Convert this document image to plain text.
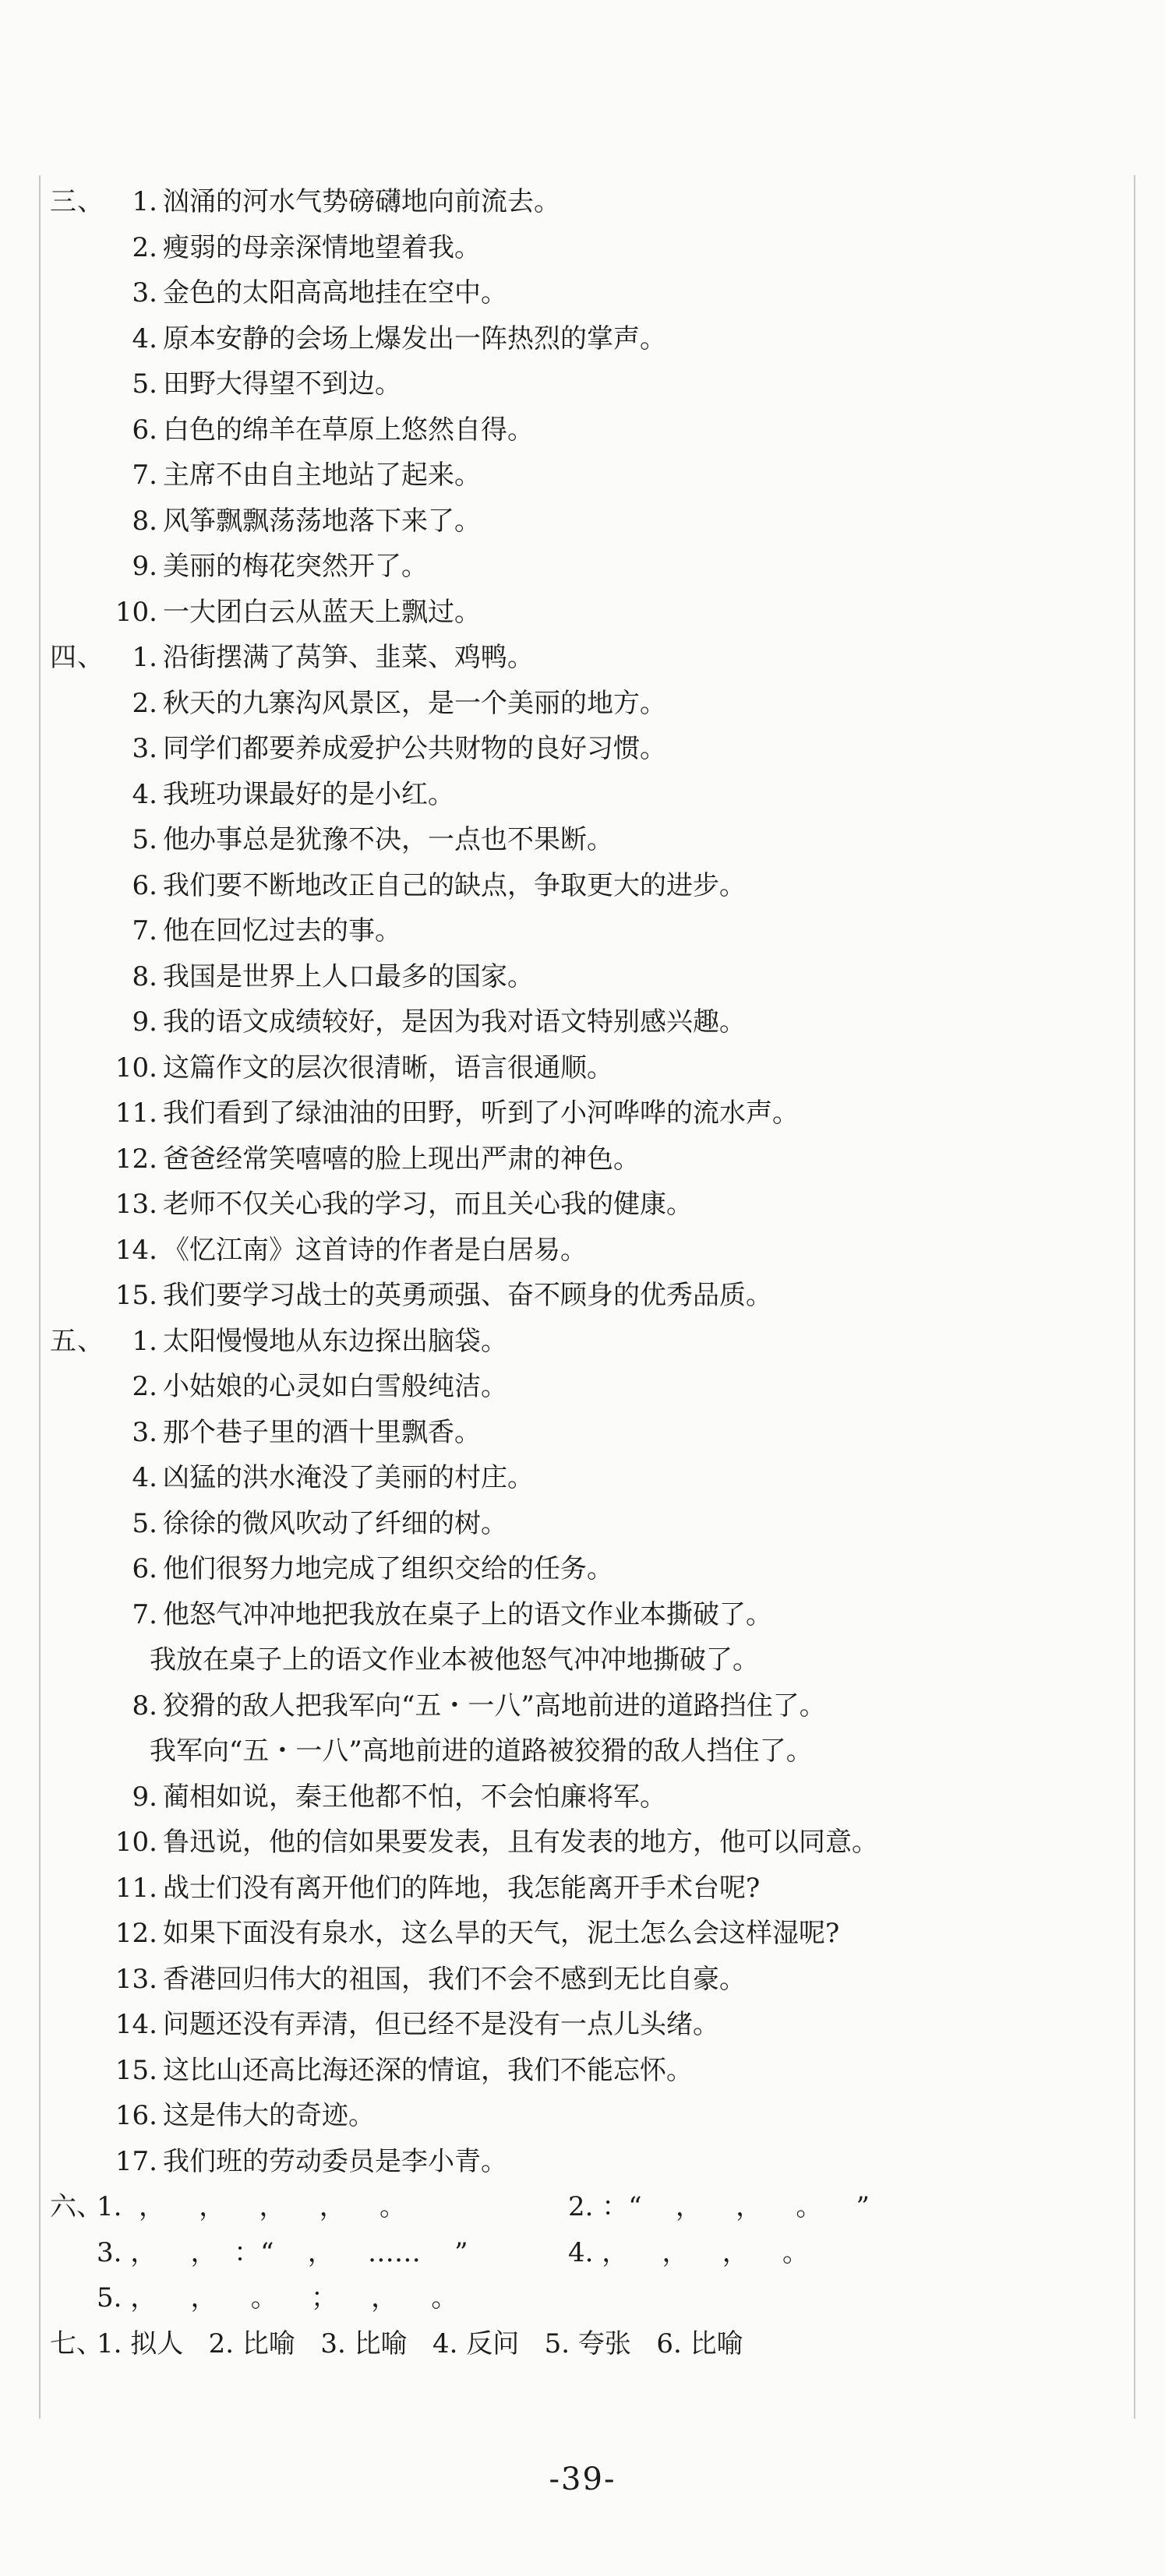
三、	1. 汹涌的河水气势磅礴地向前流去。
2. 瘦弱的母亲深情地望着我。
3. 金色的太阳高高地挂在空中。
4. 原本安静的会场上爆发出一阵热烈的掌声。
5. 田野大得望不到边。
6. 白色的绵羊在草原上悠然自得。
7. 主席不由自主地站了起来。
8. 风筝飘飘荡荡地落下来了。
9. 美丽的梅花突然开了。
10. 一大团白云从蓝天上飘过。
四、	1. 沿街摆满了莴笋、韭菜、鸡鸭。
2. 秋天的九寨沟风景区，是一个美丽的地方。
3. 同学们都要养成爱护公共财物的良好习惯。
4. 我班功课最好的是小红。
5. 他办事总是犹豫不决，一点也不果断。
6. 我们要不断地改正自己的缺点，争取更大的进步。
7. 他在回忆过去的事。
8. 我国是世界上人口最多的国家。
9. 我的语文成绩较好，是因为我对语文特别感兴趣。
10. 这篇作文的层次很清晰，语言很通顺。
11. 我们看到了绿油油的田野，听到了小河哗哗的流水声。
12. 爸爸经常笑嘻嘻的脸上现出严肃的神色。
13. 老师不仅关心我的学习，而且关心我的健康。
14. 《忆江南》这首诗的作者是白居易。
15. 我们要学习战士的英勇顽强、奋不顾身的优秀品质。
五、	1. 太阳慢慢地从东边探出脑袋。
2. 小姑娘的心灵如白雪般纯洁。
3. 那个巷子里的酒十里飘香。
4. 凶猛的洪水淹没了美丽的村庄。
5. 徐徐的微风吹动了纤细的树。
6. 他们很努力地完成了组织交给的任务。
7. 他怒气冲冲地把我放在桌子上的语文作业本撕破了。
我放在桌子上的语文作业本被他怒气冲冲地撕破了。
8. 狡猾的敌人把我军向“五・一八”高地前进的道路挡住了。
我军向“五・一八”高地前进的道路被狡猾的敌人挡住了。
9. 蔺相如说，秦王他都不怕，不会怕廉将军。
10. 鲁迅说，他的信如果要发表，且有发表的地方，他可以同意。
11. 战士们没有离开他们的阵地，我怎能离开手术台呢?
12. 如果下面没有泉水，这么旱的天气，泥土怎么会这样湿呢?
13. 香港回归伟大的祖国，我们不会不感到无比自豪。
14. 问题还没有弄清，但已经不是没有一点儿头绪。
15. 这比山还高比海还深的情谊，我们不能忘怀。
16. 这是伟大的奇迹。
17. 我们班的劳动委员是李小青。
六、
1.  ，    ，    ，    ，    。	2. ：“    ，    ，    。    ”
3. ，    ，  ：“    ，    ……    ”	4. ，    ，    ，    。
5. ，    ，    。    ；    ，    。
七、
1. 拟人   2. 比喻   3. 比喻   4. 反问   5. 夸张   6. 比喻
-39-
